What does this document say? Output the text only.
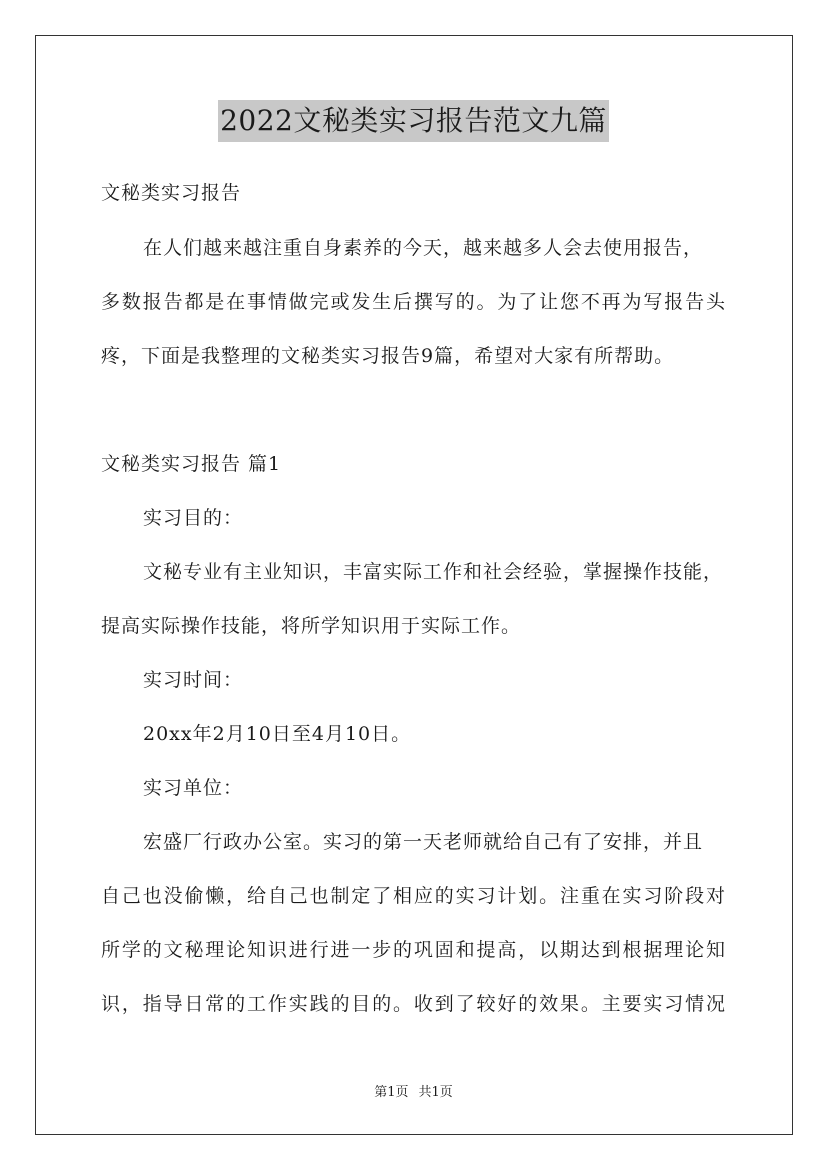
2022文秘类实习报告范文九篇
文秘类实习报告
在人们越来越注重自身素养的今天，越来越多人会去使用报告，
多数报告都是在事情做完或发生后撰写的。为了让您不再为写报告头
疼，下面是我整理的文秘类实习报告9篇，希望对大家有所帮助。
文秘类实习报告 篇1
实习目的：
文秘专业有主业知识，丰富实际工作和社会经验，掌握操作技能，
提高实际操作技能，将所学知识用于实际工作。
实习时间：
20xx年2月10日至4月10日。
实习单位：
宏盛厂行政办公室。实习的第一天老师就给自己有了安排，并且
自己也没偷懒，给自己也制定了相应的实习计划。注重在实习阶段对
所学的文秘理论知识进行进一步的巩固和提高，以期达到根据理论知
识，指导日常的工作实践的目的。收到了较好的效果。主要实习情况
第1页 共1页
